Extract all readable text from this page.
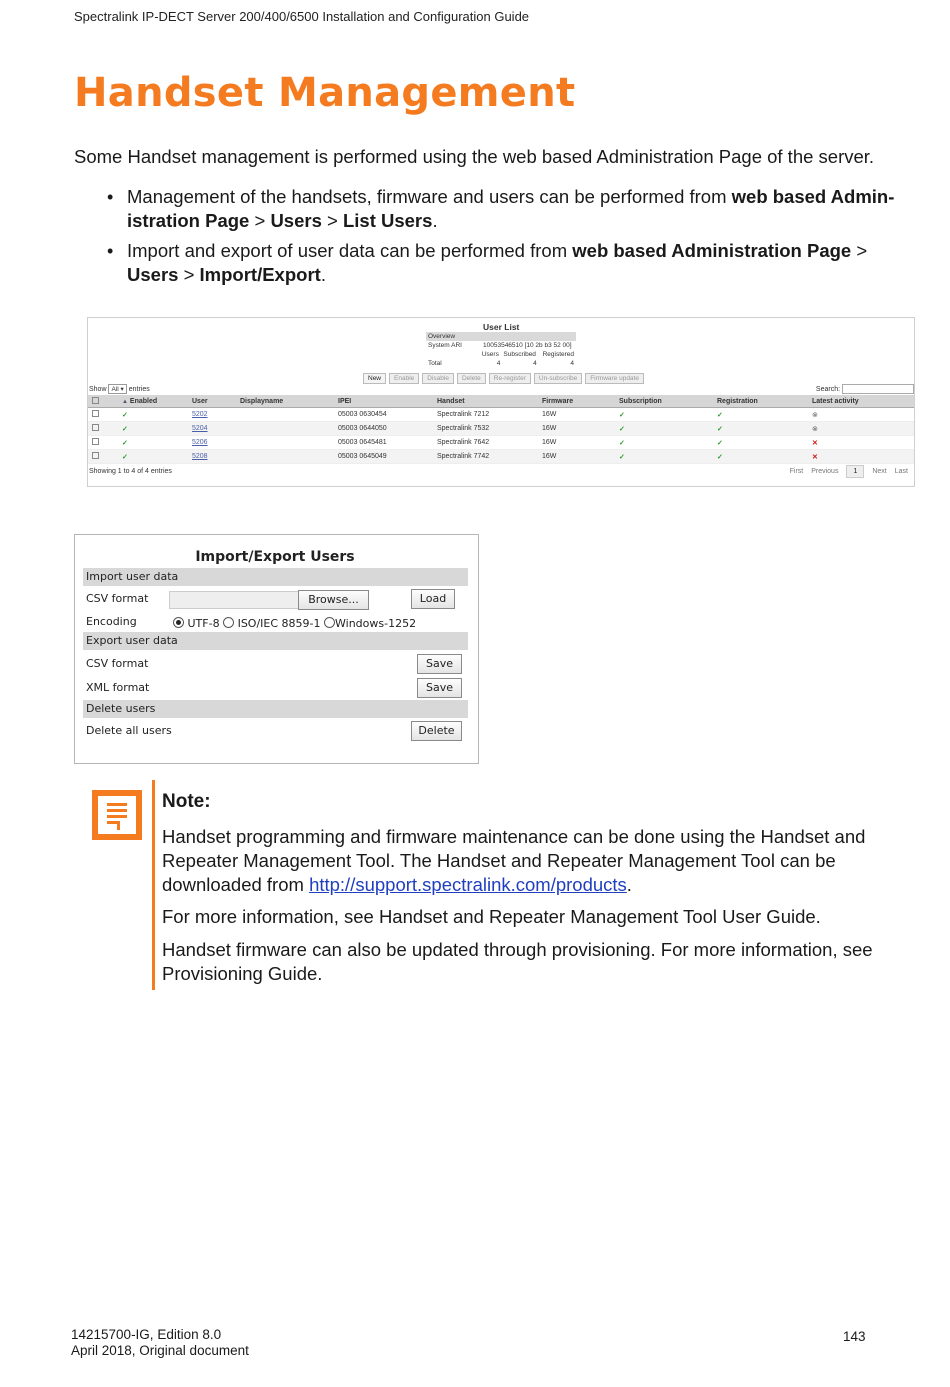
Spectralink IP-DECT Server 200/400/6500 Installation and Configuration Guide
Handset Management
Some Handset management is performed using the web based Administration Page of the server.
• Management of the handsets, firmware and users can be performed from web based Admin-
istration Page > Users > List Users.
• Import and export of user data can be performed from web based Administration Page >
Users > Import/Export.
User List
Overview
System ARI	10053546510 [10 2b b3 52 00]
Users Subscribed	Registered
Total	4	4	4
New	Enable	Disable	Delete	Re-register	Un-subscribe	Firmware update
Show All ▾ entries	Search:
	▲ Enabled	User	Displayname	IPEI	Handset	Firmware	Subscription	Registration	Latest activity
	✓	5202		05003 0630454	Spectralink 7212	16W	✓	✓	⊗
	✓	5204		05003 0644050	Spectralink 7532	16W	✓	✓	⊗
	✓	5206		05003 0645481	Spectralink 7642	16W	✓	✓	✕
	✓	5208		05003 0645049	Spectralink 7742	16W	✓	✓	✕
Showing 1 to 4 of 4 entries	First Previous	1	Next Last
Import/Export Users
Import user data
CSV format	Browse...	Load
Encoding	UTF-8 ISO/IEC 8859-1 Windows-1252
Export user data
CSV format	Save
XML format	Save
Delete users
Delete all users	Delete
Note:
Handset programming and firmware maintenance can be done using the Handset and Repeater Management Tool. The Handset and Repeater Management Tool can be downloaded from http://support.spectralink.com/products.
For more information, see Handset and Repeater Management Tool User Guide.
Handset firmware can also be updated through provisioning. For more information, see Provisioning Guide.
14215700-IG, Edition 8.0
April 2018, Original document
143
